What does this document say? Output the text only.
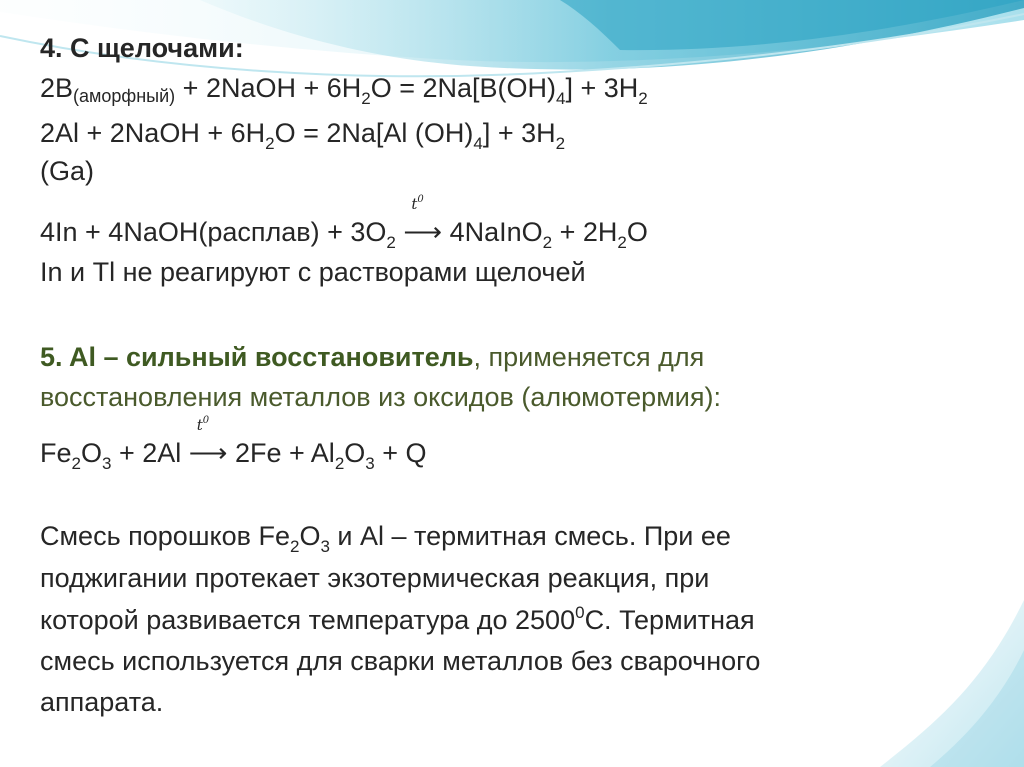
4. С щелочами:
2B(аморфный) + 2NaOH + $6H_2O = 2Na[B(OH)_4] + 3H_2$
2Al + 2NaOH + $6H_2O = 2Na[Al$ $(OH)_4] + 3H_2$
(Ga)
4In + 4NaOH(расплав) + $3O_2$
$t^0$
⟶ 4NaInO$_2$ + $2H_2O$
In и Tl не реагируют с растворами щелочей
5. Al – сильный восстановитель, применяется для
восстановления металлов из оксидов (алюмотермия):
$Fe_2O_3 + 2Al$
$t^0$
⟶ $2Fe + Al_2O_3 + Q$
Смесь порошков $Fe_2O_3$ и Al – термитная смесь. При ее
поджигании протекает экзотермическая реакция, при
которой развивается температура до 2500$^0$С. Термитная
смесь используется для сварки металлов без сварочного
аппарата.
